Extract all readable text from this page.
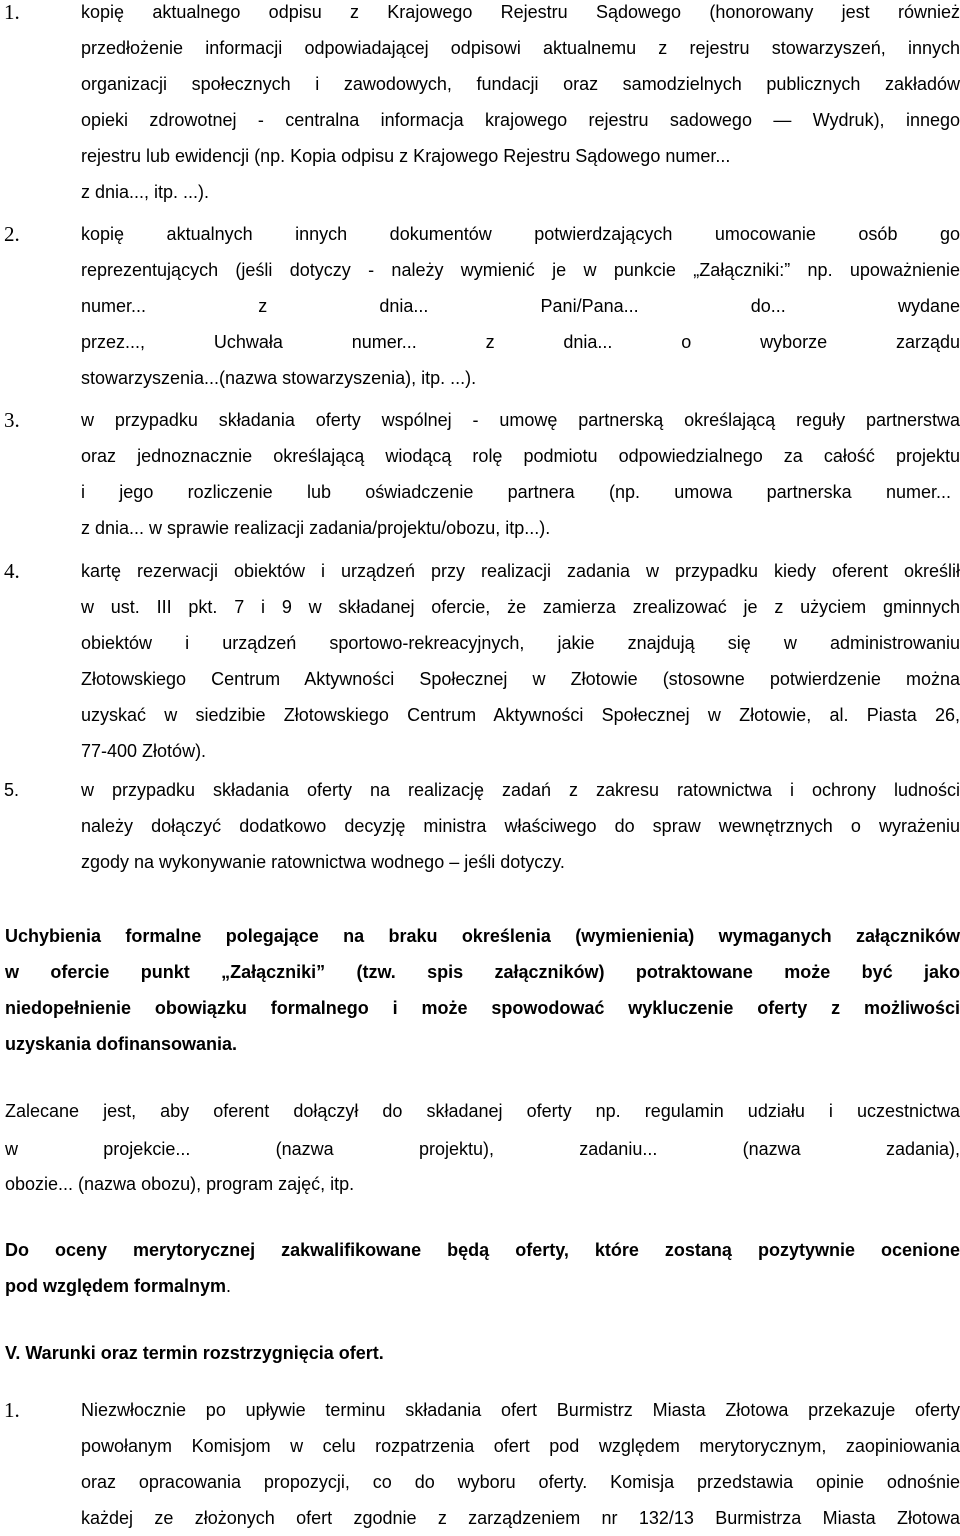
1.	kopię aktualnego odpisu z Krajowego Rejestru Sądowego (honorowany jest również
przedłożenie informacji odpowiadającej odpisowi aktualnemu z rejestru stowarzyszeń, innych
organizacji społecznych i zawodowych, fundacji oraz samodzielnych publicznych zakładów
opieki zdrowotnej - centralna informacja krajowego rejestru sadowego — Wydruk), innego
rejestru lub ewidencji (np. Kopia odpisu z Krajowego Rejestru Sądowego numer...
z dnia..., itp. ...).
2.	kopię aktualnych innych dokumentów potwierdzających umocowanie osób go
reprezentujących (jeśli dotyczy - należy wymienić je w punkcie „Załączniki:” np. upoważnienie
numer... z dnia... Pani/Pana... do... wydane
przez..., Uchwała numer... z dnia... o wyborze zarządu
stowarzyszenia...(nazwa stowarzyszenia), itp. ...).
3.	w przypadku składania oferty wspólnej - umowę partnerską określającą reguły partnerstwa
oraz jednoznacznie określającą wiodącą rolę podmiotu odpowiedzialnego za całość projektu
i jego rozliczenie lub oświadczenie partnera (np. umowa partnerska numer...
z dnia... w sprawie realizacji zadania/projektu/obozu, itp...).
4.	kartę rezerwacji obiektów i urządzeń przy realizacji zadania w przypadku kiedy oferent określił
w ust. III pkt. 7 i 9 w składanej ofercie, że zamierza zrealizować je z użyciem gminnych
obiektów i urządzeń sportowo-rekreacyjnych, jakie znajdują się w administrowaniu
Złotowskiego Centrum Aktywności Społecznej w Złotowie (stosowne potwierdzenie można
uzyskać w siedzibie Złotowskiego Centrum Aktywności Społecznej w Złotowie, al. Piasta 26,
77-400 Złotów).
5.	w przypadku składania oferty na realizację zadań z zakresu ratownictwa i ochrony ludności
należy dołączyć dodatkowo decyzję ministra właściwego do spraw wewnętrznych o wyrażeniu
zgody na wykonywanie ratownictwa wodnego – jeśli dotyczy.
Uchybienia formalne polegające na braku określenia (wymienienia) wymaganych załączników
w ofercie punkt „Załączniki” (tzw. spis załączników) potraktowane może być jako
niedopełnienie obowiązku formalnego i może spowodować wykluczenie oferty z możliwości
uzyskania dofinansowania.
Zalecane jest, aby oferent dołączył do składanej oferty np. regulamin udziału i uczestnictwa
w projekcie... (nazwa projektu), zadaniu... (nazwa zadania),
obozie... (nazwa obozu), program zajęć, itp.
Do oceny merytorycznej zakwalifikowane będą oferty, które zostaną pozytywnie ocenione
pod względem formalnym.
V. Warunki oraz termin rozstrzygnięcia ofert.
1.	Niezwłocznie po upływie terminu składania ofert Burmistrz Miasta Złotowa przekazuje oferty
powołanym Komisjom w celu rozpatrzenia ofert pod względem merytorycznym, zaopiniowania
oraz opracowania propozycji, co do wyboru oferty. Komisja przedstawia opinie odnośnie
każdej ze złożonych ofert zgodnie z zarządzeniem nr 132/13 Burmistrza Miasta Złotowa
